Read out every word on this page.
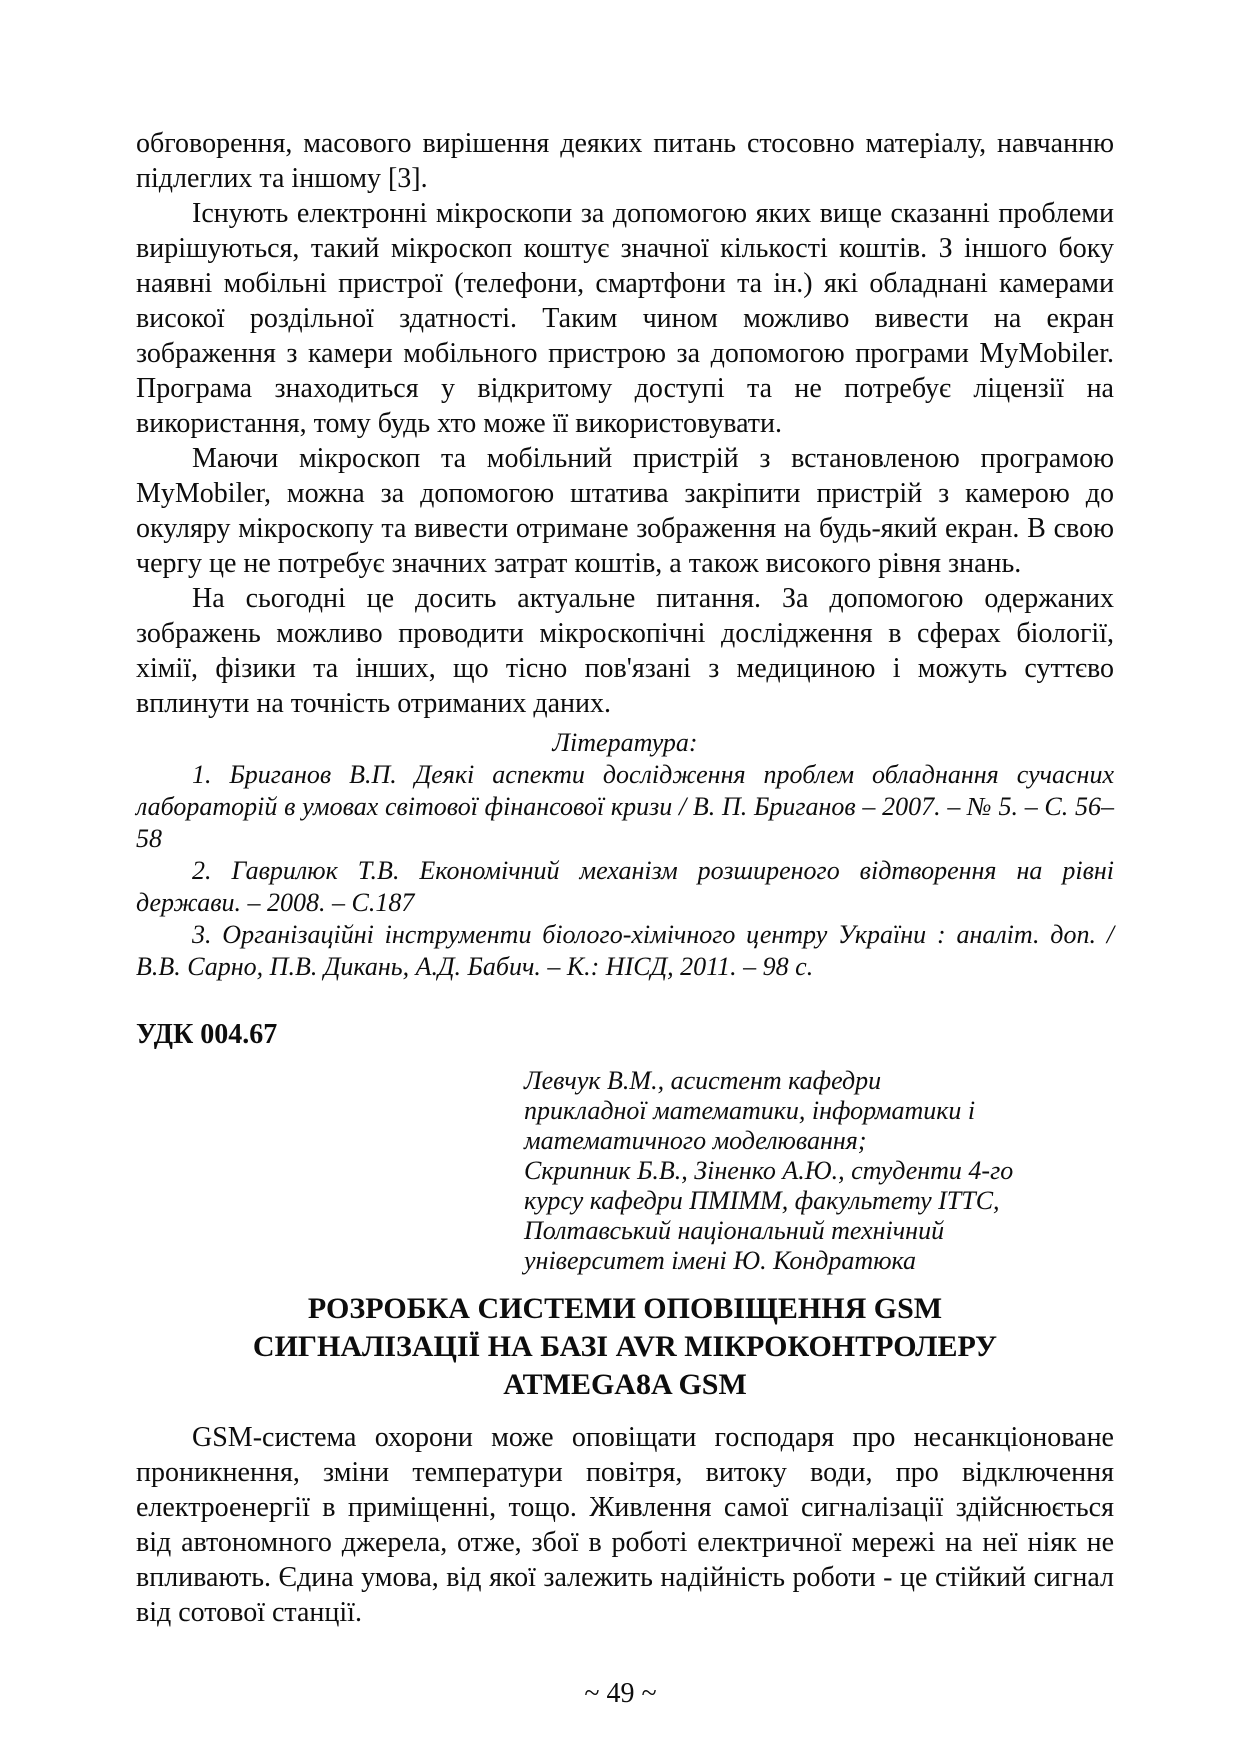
обговорення, масового вирішення деяких питань стосовно матеріалу, навчанню підлеглих та іншому [3].

Існують електронні мікроскопи за допомогою яких вище сказанні проблеми вирішуються, такий мікроскоп коштує значної кількості коштів. З іншого боку наявні мобільні пристрої (телефони, смартфони та ін.) які обладнані камерами високої роздільної здатності. Таким чином можливо вивести на екран зображення з камери мобільного пристрою за допомогою програми MyMobiler. Програма знаходиться у відкритому доступі та не потребує ліцензії на використання, тому будь хто може її використовувати.

Маючи мікроскоп та мобільний пристрій з встановленою програмою MyMobiler, можна за допомогою штатива закріпити пристрій з камерою до окуляру мікроскопу та вивести отримане зображення на будь-який екран. В свою чергу це не потребує значних затрат коштів, а також високого рівня знань.

На сьогодні це досить актуальне питання. За допомогою одержаних зображень можливо проводити мікроскопічні дослідження в сферах біології, хімії, фізики та інших, що тісно пов'язані з медициною і можуть суттєво вплинути на точність отриманих даних.

Література:

1. Бриганов В.П. Деякі аспекти дослідження проблем обладнання сучасних лабораторій в умовах світової фінансової кризи / В. П. Бриганов – 2007. – № 5. – С. 56–58

2. Гаврилюк Т.В. Економічний механізм розширеного відтворення на рівні держави. – 2008. – С.187

3. Організаційні інструменти біолого-хімічного центру України : аналіт. доп. / В.В. Сарно, П.В. Дикань, А.Д. Бабич. – К.: НІСД, 2011. – 98 с.

УДК 004.67

Левчук В.М., асистент кафедри
прикладної математики, інформатики і
математичного моделювання;
Скрипник Б.В., Зіненко А.Ю., студенти 4-го
курсу кафедри ПМІММ, факультету ІТТС,
Полтавський національний технічний
університет імені Ю. Кондратюка
РОЗРОБКА СИСТЕМИ ОПОВІЩЕННЯ GSM
СИГНАЛІЗАЦІЇ НА БАЗІ AVR МІКРОКОНТРОЛЕРУ
ATMEGA8A GSM

GSM-система охорони може оповіщати господаря про несанкціоноване проникнення, зміни температури повітря, витоку води, про відключення електроенергії в приміщенні, тощо. Живлення самої сигналізації здійснюється від автономного джерела, отже, збої в роботі електричної мережі на неї ніяк не впливають. Єдина умова, від якої залежить надійність роботи - це стійкий сигнал від сотової станції.

~ 49 ~
